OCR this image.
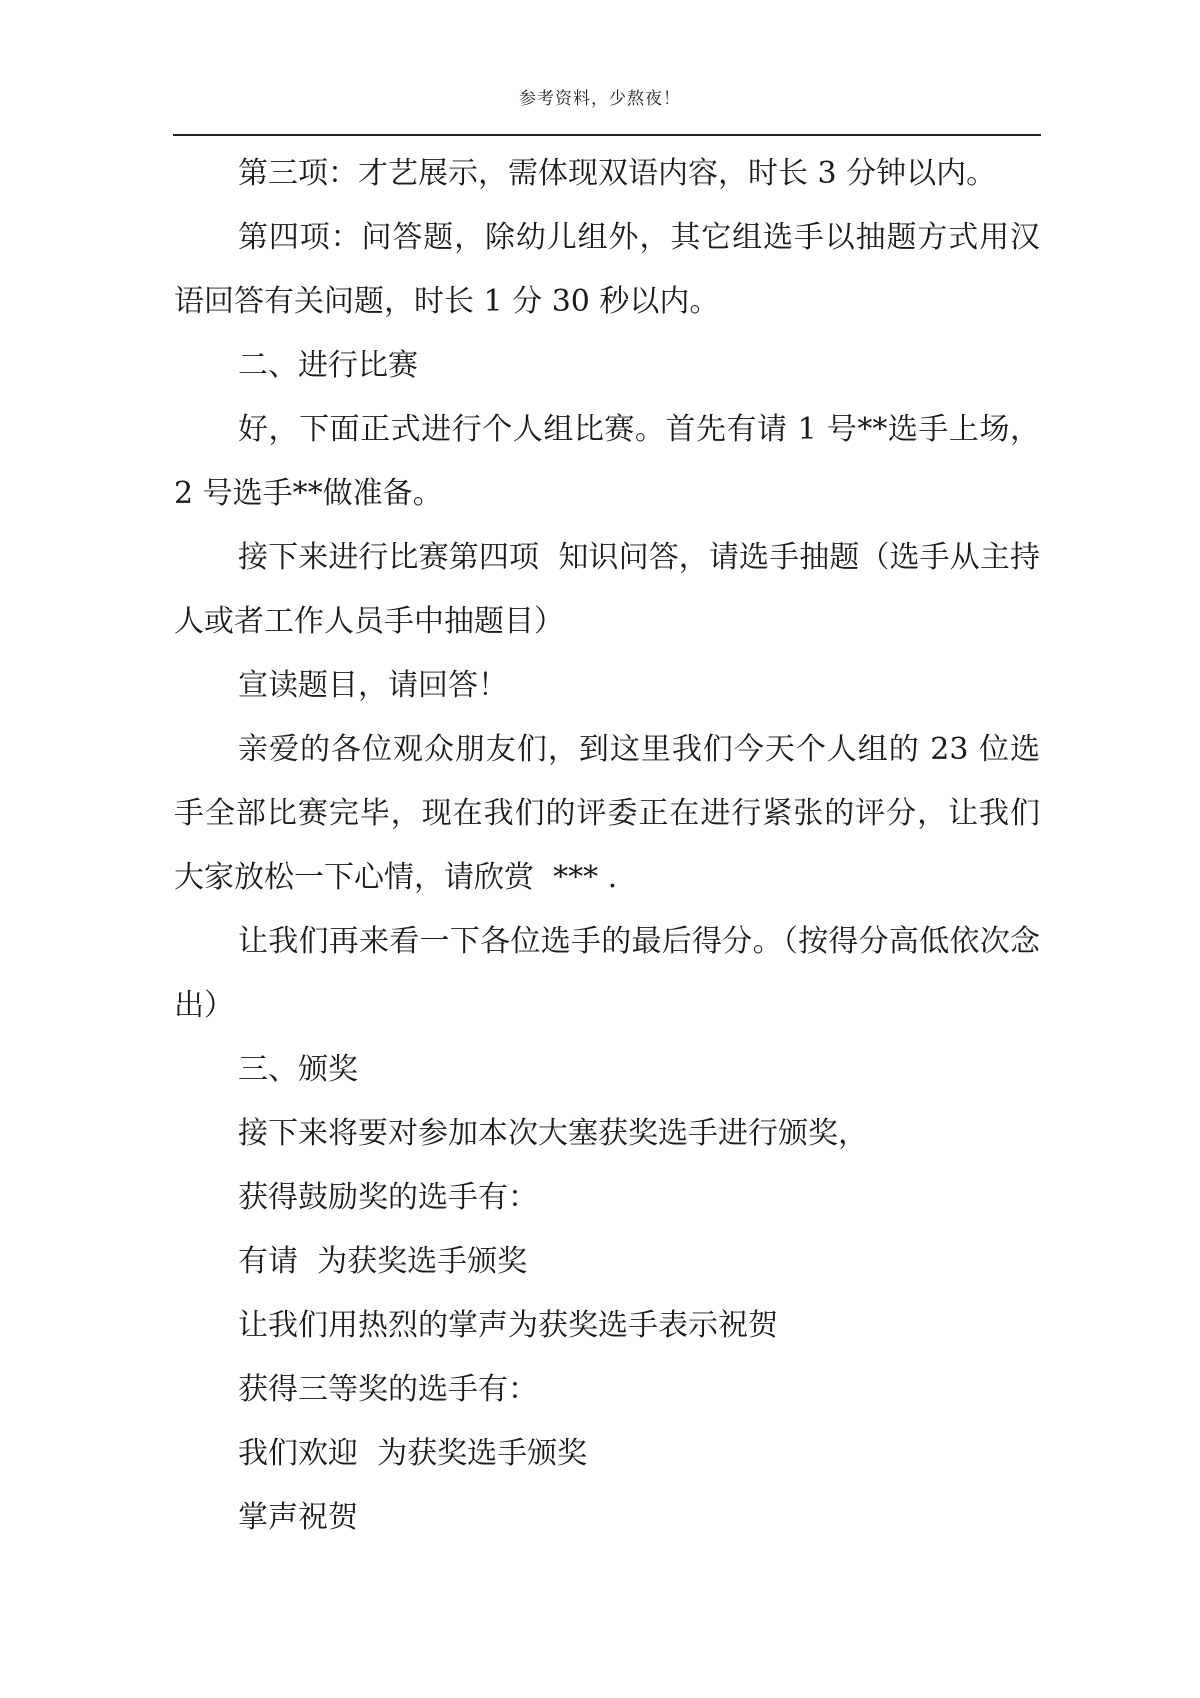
参考资料，少熬夜！

第三项：才艺展示，需体现双语内容，时长 3 分钟以内。

第四项：问答题，除幼儿组外，其它组选手以抽题方式用汉语回答有关问题，时长 1 分 30 秒以内。

二、进行比赛

好，下面正式进行个人组比赛。首先有请 1 号**选手上场，2 号选手**做准备。

接下来进行比赛第四项  知识问答，请选手抽题（选手从主持人或者工作人员手中抽题目）

宣读题目，请回答！

亲爱的各位观众朋友们，到这里我们今天个人组的 23 位选手全部比赛完毕，现在我们的评委正在进行紧张的评分，让我们大家放松一下心情，请欣赏  *** .

让我们再来看一下各位选手的最后得分。（按得分高低依次念出）

三、颁奖

接下来将要对参加本次大塞获奖选手进行颁奖，

获得鼓励奖的选手有：

有请  为获奖选手颁奖

让我们用热烈的掌声为获奖选手表示祝贺

获得三等奖的选手有：

我们欢迎  为获奖选手颁奖

掌声祝贺
